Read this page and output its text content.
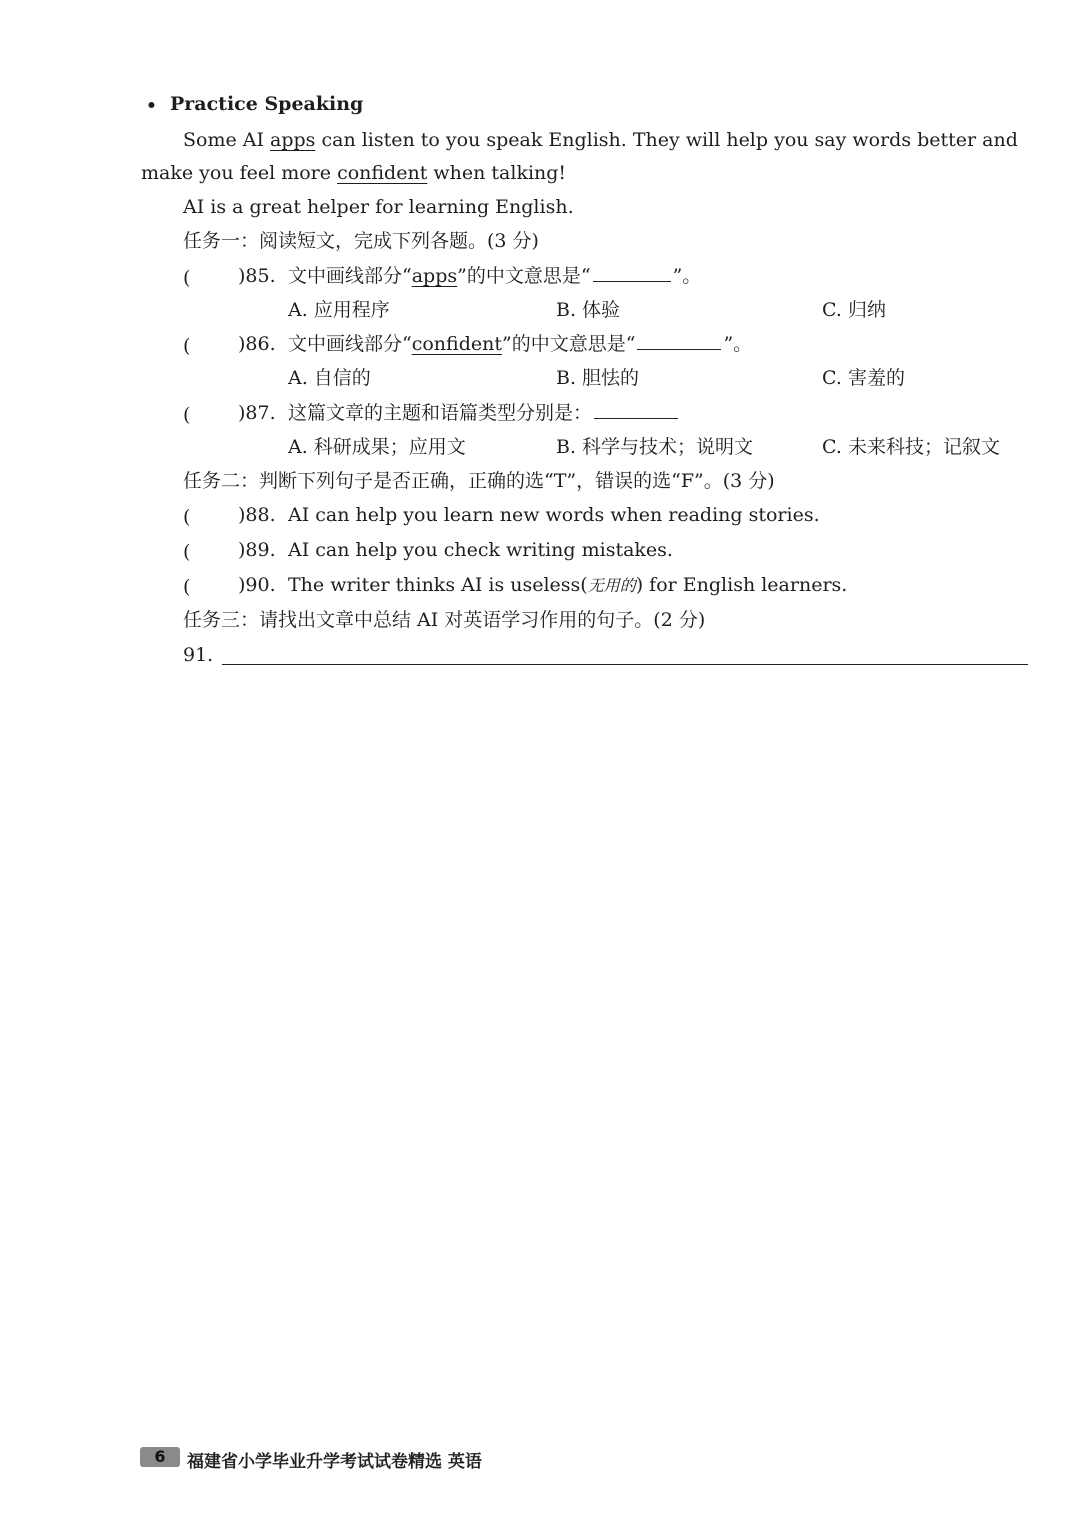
• Practice Speaking
Some AI apps can listen to you speak English. They will help you say words better and
make you feel more confident when talking!
AI is a great helper for learning English.
任务一：阅读短文，完成下列各题。(3 分)
(	)85. 文中画线部分“apps”的中文意思是“	”。
A. 应用程序	B. 体验	C. 归纳
(	)86. 文中画线部分“confident”的中文意思是“	”。
A. 自信的	B. 胆怯的	C. 害羞的
(	)87. 这篇文章的主题和语篇类型分别是：
A. 科研成果；应用文	B. 科学与技术；说明文	C. 未来科技；记叙文
任务二：判断下列句子是否正确，正确的选“T”，错误的选“F”。(3 分)
(	)88. AI can help you learn new words when reading stories.
(	)89. AI can help you check writing mistakes.
(	)90. The writer thinks AI is useless(无用的) for English learners.
任务三：请找出文章中总结 AI 对英语学习作用的句子。(2 分)
91.
6	福建省小学毕业升学考试试卷精选 英语
